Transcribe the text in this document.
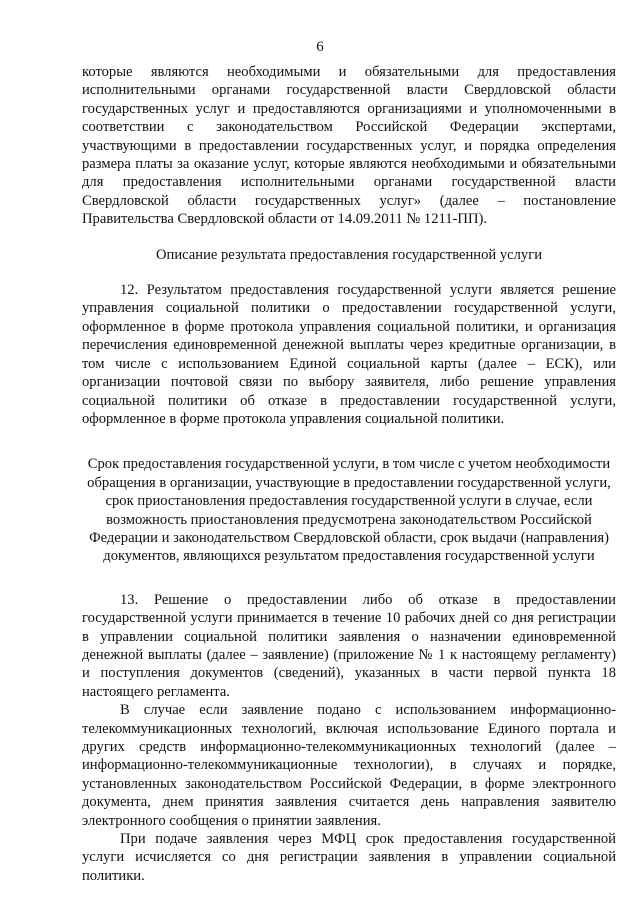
6

которые являются необходимыми и обязательными для предоставления исполнительными органами государственной власти Свердловской области государственных услуг и предоставляются организациями и уполномоченными в соответствии с законодательством Российской Федерации экспертами, участвующими в предоставлении государственных услуг, и порядка определения размера платы за оказание услуг, которые являются необходимыми и обязательными для предоставления исполнительными органами государственной власти Свердловской области государственных услуг» (далее – постановление Правительства Свердловской области от 14.09.2011 № 1211-ПП).

Описание результата предоставления государственной услуги

12. Результатом предоставления государственной услуги является решение управления социальной политики о предоставлении государственной услуги, оформленное в форме протокола управления социальной политики, и организация перечисления единовременной денежной выплаты через кредитные организации, в том числе с использованием Единой социальной карты (далее – ЕСК), или организации почтовой связи по выбору заявителя, либо решение управления социальной политики об отказе в предоставлении государственной услуги, оформленное в форме протокола управления социальной политики.

Срок предоставления государственной услуги, в том числе с учетом необходимости обращения в организации, участвующие в предоставлении государственной услуги, срок приостановления предоставления государственной услуги в случае, если возможность приостановления предусмотрена законодательством Российской Федерации и законодательством Свердловской области, срок выдачи (направления) документов, являющихся результатом предоставления государственной услуги

13. Решение о предоставлении либо об отказе в предоставлении государственной услуги принимается в течение 10 рабочих дней со дня регистрации в управлении социальной политики заявления о назначении единовременной денежной выплаты (далее – заявление) (приложение № 1 к настоящему регламенту) и поступления документов (сведений), указанных в части первой пункта 18 настоящего регламента.

В случае если заявление подано с использованием информационно-телекоммуникационных технологий, включая использование Единого портала и других средств информационно-телекоммуникационных технологий (далее – информационно-телекоммуникационные технологии), в случаях и порядке, установленных законодательством Российской Федерации, в форме электронного документа, днем принятия заявления считается день направления заявителю электронного сообщения о принятии заявления.

При подаче заявления через МФЦ срок предоставления государственной услуги исчисляется со дня регистрации заявления в управлении социальной политики.
